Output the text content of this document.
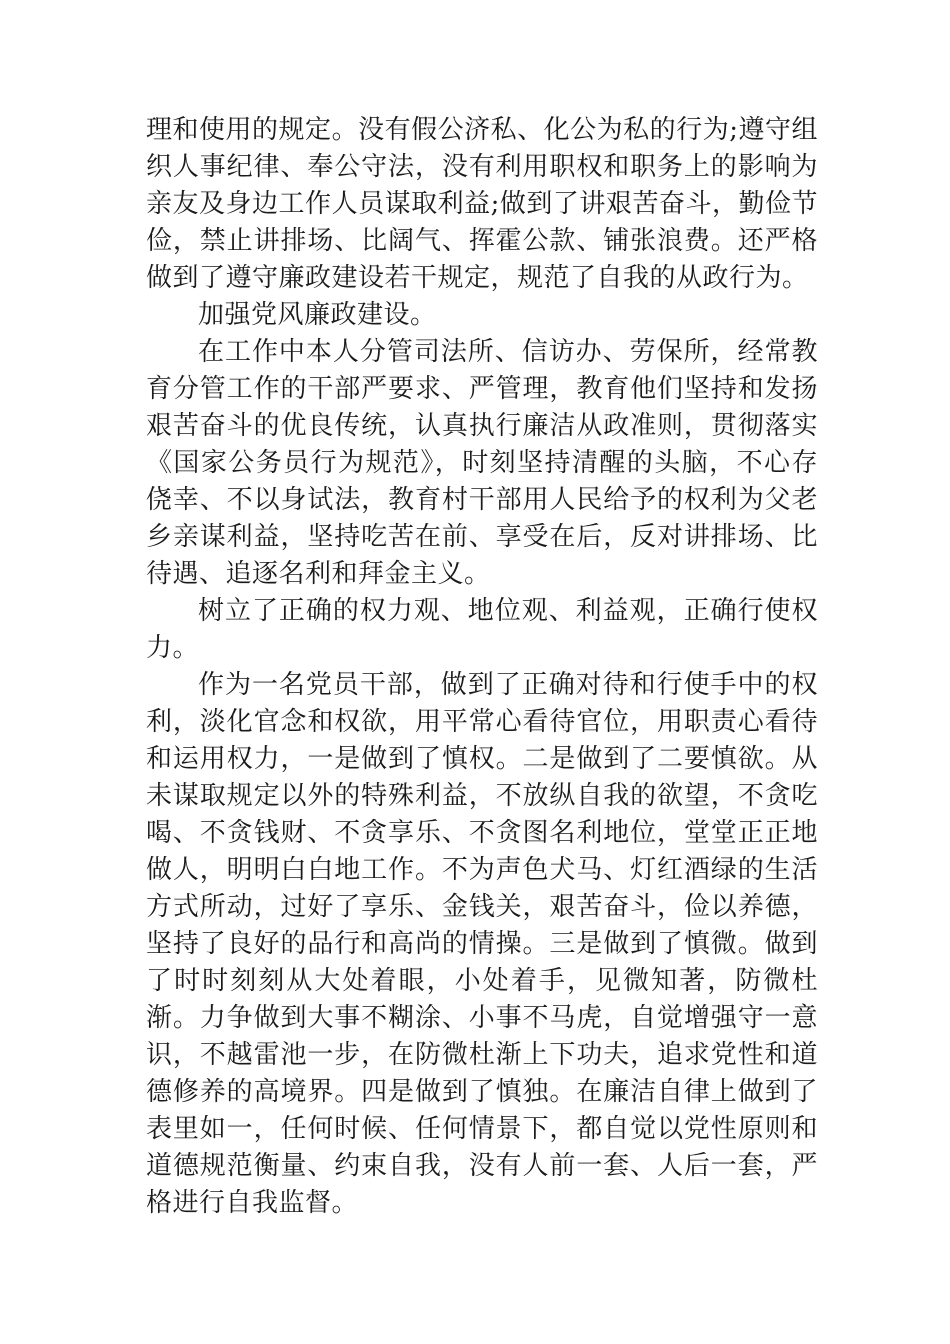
理和使用的规定。没有假公济私、化公为私的行为;遵守组织人事纪律、奉公守法，没有利用职权和职务上的影响为亲友及身边工作人员谋取利益;做到了讲艰苦奋斗，勤俭节俭，禁止讲排场、比阔气、挥霍公款、铺张浪费。还严格做到了遵守廉政建设若干规定，规范了自我的从政行为。

加强党风廉政建设。

在工作中本人分管司法所、信访办、劳保所，经常教育分管工作的干部严要求、严管理，教育他们坚持和发扬艰苦奋斗的优良传统，认真执行廉洁从政准则，贯彻落实《国家公务员行为规范》，时刻坚持清醒的头脑，不心存侥幸、不以身试法，教育村干部用人民给予的权利为父老乡亲谋利益，坚持吃苦在前、享受在后，反对讲排场、比待遇、追逐名利和拜金主义。

树立了正确的权力观、地位观、利益观，正确行使权力。

作为一名党员干部，做到了正确对待和行使手中的权利，淡化官念和权欲，用平常心看待官位，用职责心看待和运用权力，一是做到了慎权。二是做到了二要慎欲。从未谋取规定以外的特殊利益，不放纵自我的欲望，不贪吃喝、不贪钱财、不贪享乐、不贪图名利地位，堂堂正正地做人，明明白白地工作。不为声色犬马、灯红酒绿的生活方式所动，过好了享乐、金钱关，艰苦奋斗，俭以养德，坚持了良好的品行和高尚的情操。三是做到了慎微。做到了时时刻刻从大处着眼，小处着手，见微知著，防微杜渐。力争做到大事不糊涂、小事不马虎，自觉增强守一意识，不越雷池一步，在防微杜渐上下功夫，追求党性和道德修养的高境界。四是做到了慎独。在廉洁自律上做到了表里如一，任何时候、任何情景下，都自觉以党性原则和道德规范衡量、约束自我，没有人前一套、人后一套，严格进行自我监督。
